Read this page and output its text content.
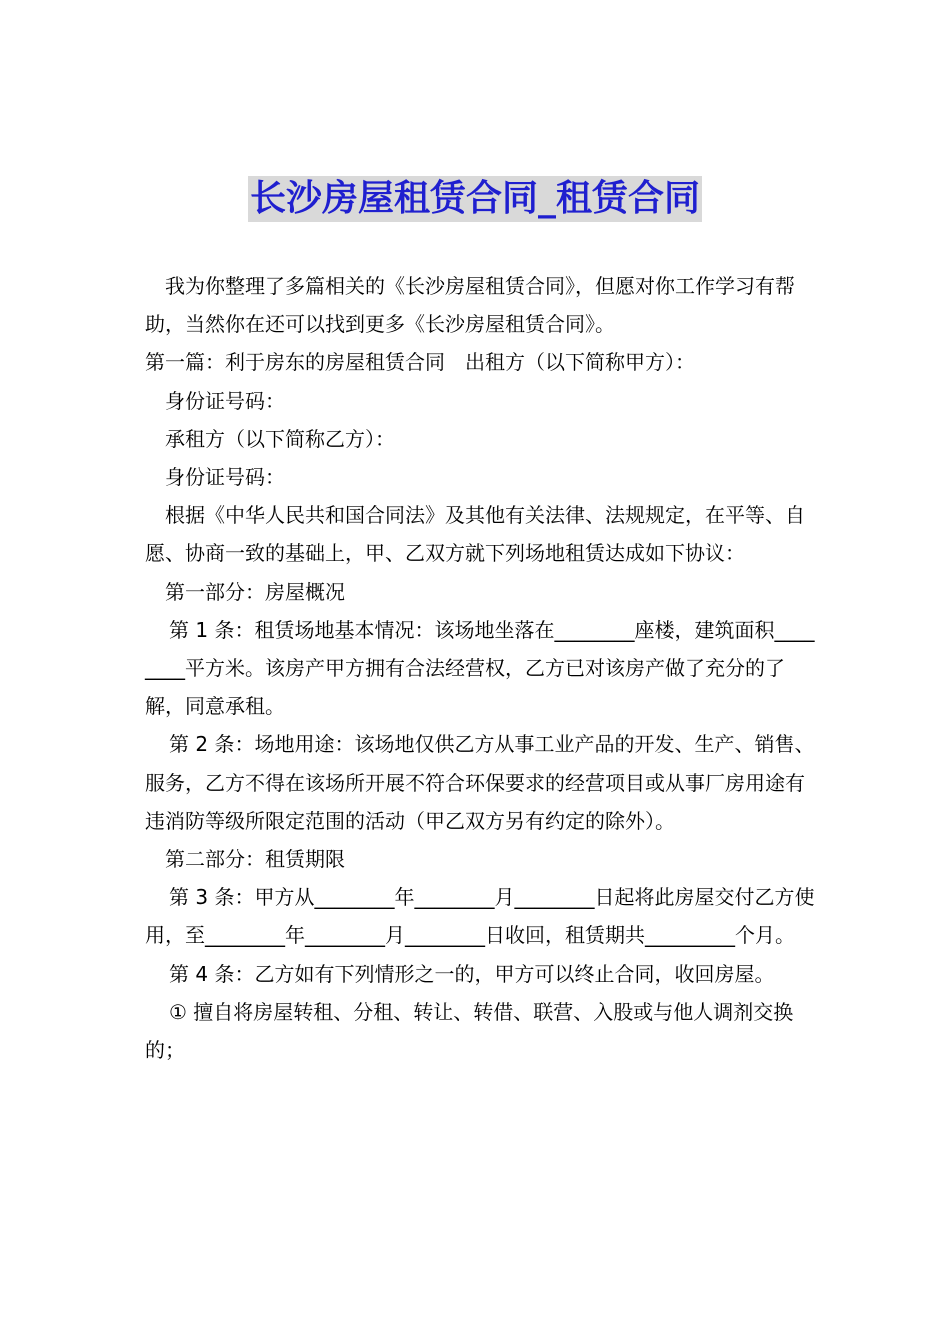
长沙房屋租赁合同_租赁合同

我为你整理了多篇相关的《长沙房屋租赁合同》，但愿对你工作学习有帮助，当然你在还可以找到更多《长沙房屋租赁合同》。

第一篇：利于房东的房屋租赁合同　出租方（以下简称甲方）：

身份证号码：

承租方（以下简称乙方）：

身份证号码：

根据《中华人民共和国合同法》及其他有关法律、法规规定，在平等、自愿、协商一致的基础上，甲、乙双方就下列场地租赁达成如下协议：

第一部分：房屋概况

第 1 条：租赁场地基本情况：该场地坐落在________座楼，建筑面积________平方米。该房产甲方拥有合法经营权，乙方已对该房产做了充分的了解，同意承租。

第 2 条：场地用途：该场地仅供乙方从事工业产品的开发、生产、销售、服务，乙方不得在该场所开展不符合环保要求的经营项目或从事厂房用途有违消防等级所限定范围的活动（甲乙双方另有约定的除外）。

第二部分：租赁期限

第 3 条：甲方从________年________月________日起将此房屋交付乙方使用，至________年________月________日收回，租赁期共_________个月。

第 4 条：乙方如有下列情形之一的，甲方可以终止合同，收回房屋。

① 擅自将房屋转租、分租、转让、转借、联营、入股或与他人调剂交换的；
